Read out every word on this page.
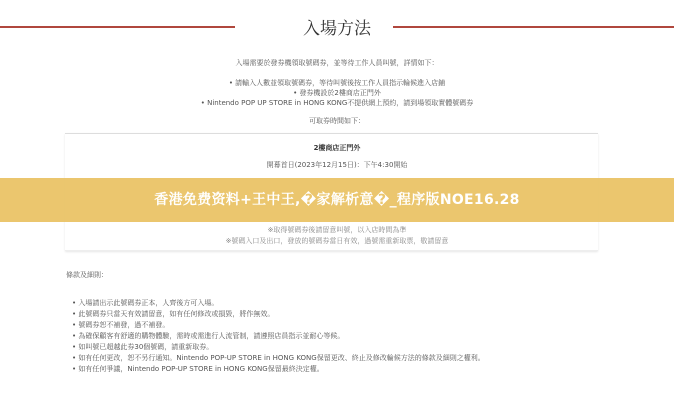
入場方法
入場需要於發券機領取號碼券，並等待工作人員叫號，詳情如下：
• 請輸入人數並領取號碼券，等待叫號後按工作人員指示輪候進入店鋪
• 發券機設於2樓商店正門外
• Nintendo POP UP STORE in HONG KONG不提供網上預約，請到場領取實體號碼券
可取券時間如下：
2樓商店正門外
開幕首日(2023年12月15日)：下午4:30開始
香港免费资料+王中王,�家解析意�_程序版NOE16.28
※取得號碼券後請留意叫號，以入店時間為準
※號碼入口及出口，發放的號碼券當日有效，過號需重新取票，敬請留意
條款及細則：
• 入場請出示此號碼券正本，人齊後方可入場。
• 此號碼券只當天有效請留意，如有任何修改或損毀，將作無效。
• 號碼券恕不補發，過不補發。
• 為確保顧客有舒適的購物體驗，需時或需進行人流管制，請遵照店員指示並耐心等候。
• 如叫號已超越此券30個號碼，請重新取券。
• 如有任何更改，恕不另行通知。Nintendo POP-UP STORE in HONG KONG保留更改、終止及修改輪候方法的條款及細則之權利。
• 如有任何爭議，Nintendo POP-UP STORE in HONG KONG保留最終決定權。
